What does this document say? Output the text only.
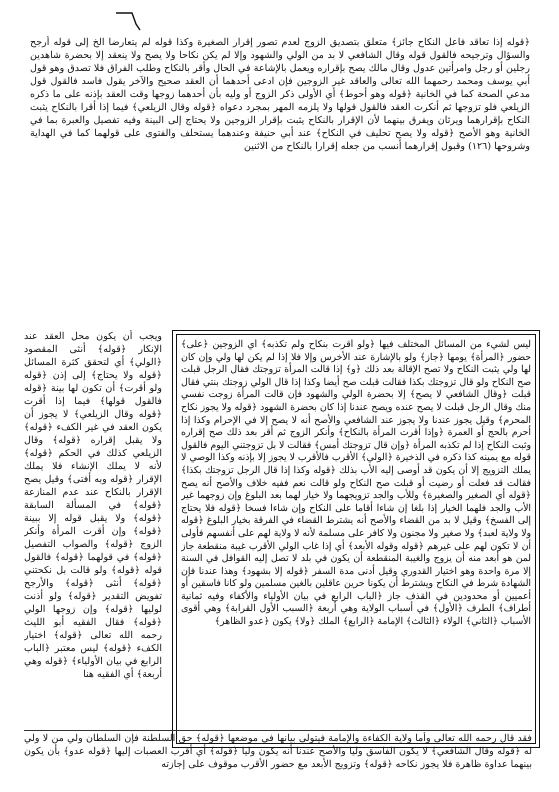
﴿قوله إذا تعاقد فاعل النكاح جائز﴾ متعلق بتصديق الزوج لعدم تصور إقرار الصغيرة وكذا قوله لم يتعارضا الخ إلى قوله أرجح والسؤال وترجيحه فالقول قوله وقال الشافعي لا بد من الولي والشهود وإلا لم يكن نكاحا ولا يصح ولا ينعقد إلا بحضرة شاهدين رجلين أو رجل وامرأتين عدول وقال مالك يصح بإقراره ويعمل بالإشاعة في الحال وأقر بالنكاح وطلب الفراق فلا تصدق وهو قول أبي يوسف ومحمد رحمهما الله تعالى والعاقد غير الزوجين فإن ادعى أحدهما أن العقد صحيح والآخر يقول فاسد فالقول قول مدعي الصحة كما في الخانية ﴿قوله وهو أحوط﴾ أي الأولى ذكر الزوج أو وليه بأن أحدهما زوجها وقت العقد بإذنه على ما ذكره الزيلعي فلو تزوجها ثم أنكرت العقد فالقول قولها ولا يلزمه المهر بمجرد دعواه ﴿قوله وقال الزيلعي﴾ فيما إذا أقرا بالنكاح يثبت النكاح بإقرارهما ويرثان ويفرق بينهما لأن الإقرار بالنكاح يثبت بإقرار الزوجين ولا يحتاج إلى البينة وفيه تفصيل والعبرة بما في الخانية وهو الأصح ﴿قوله ولا يصح تحليف في النكاح﴾ عند أبي حنيفة وعندهما يستحلف والفتوى على قولهما كما في الهداية وشروحها (١٢٦) وقبول إقرارهما أنسب من جعله إقرارا بالنكاح من الاثنين

ليس لشيء من المسائل المختلف فيها ﴿ولو أقرت بنكاح ولم تكذبه﴾ أي الزوجين ﴿على﴾ حضور ﴿المرأة﴾ يومها ﴿جاز﴾ ولو بالإشارة عند الأخرس وإلا فلا إذا لم يكن لها ولي وإن كان لها ولي يثبت النكاح ولا تصح الإقالة بعد ذلك ﴿و﴾ إذا قالت المرأة تزوجتك فقال الرجل قبلت صح النكاح ولو قال تزوجتك بكذا فقالت قبلت صح أيضا وكذا إذا قال الولي زوجتك بنتي فقال قبلت ﴿وقال الشافعي لا يصح﴾ إلا بحضرة الولي والشهود فإن قالت المرأة زوجت نفسي منك وقال الرجل قبلت لا يصح عنده ويصح عندنا إذا كان بحضرة الشهود ﴿قوله ولا يجوز نكاح المحرم﴾ وقيل يجوز عندنا ولا يجوز عند الشافعي والأصح أنه لا يصح إلا في الإحرام وكذا إذا أحرم بالحج أو العمرة ﴿وإذا أقرت المرأة بالنكاح﴾ وأنكر الزوج ثم أقر بعد ذلك صح إقراره وثبت النكاح إذا لم تكذبه المرأة ﴿وإن قال تزوجتك أمس﴾ فقالت لا بل تزوجتني اليوم فالقول قوله مع يمينه كذا ذكره في الذخيرة ﴿الولي﴾ الأقرب فالأقرب لا يجوز إلا بإذنه وكذا الوصي لا يملك التزويج إلا أن يكون قد أوصى إليه الأب بذلك ﴿قوله وكذا إذا قال الرجل تزوجتك بكذا﴾ فقالت قد فعلت أو رضيت أو قبلت صح النكاح ولو قالت نعم ففيه خلاف والأصح أنه يصح ﴿قوله أي الصغير والصغيرة﴾ وللأب والجد تزويجهما ولا خيار لهما بعد البلوغ وإن زوجهما غير الأب والجد فلهما الخيار إذا بلغا إن شاءا أقاما على النكاح وإن شاءا فسخا ﴿قوله فلا يحتاج إلى الفسخ﴾ وقيل لا بد من القضاء والأصح أنه يشترط القضاء في الفرقة بخيار البلوغ ﴿قوله ولا ولاية لعبد﴾ ولا صغير ولا مجنون ولا كافر على مسلمة لأنه لا ولاية لهم على أنفسهم فأولى أن لا تكون لهم على غيرهم ﴿قوله وقوله الأبعد﴾ أي إذا غاب الولي الأقرب غيبة منقطعة جاز لمن هو أبعد منه أن يزوج والغيبة المنقطعة أن يكون في بلد لا تصل إليه القوافل في السنة إلا مرة واحدة وهو اختيار القدوري وقيل أدنى مدة السفر ﴿قوله إلا بشهود﴾ وهذا عندنا فإن الشهادة شرط في النكاح ويشترط أن يكونا حرين عاقلين بالغين مسلمين ولو كانا فاسقين أو أعميين أو محدودين في القذف جاز ﴿الباب الرابع في بيان الأولياء والأكفاء وفيه ثمانية أطراف﴾ الطرف ﴿الأول﴾ في أسباب الولاية وهي أربعة ﴿السبب الأول القرابة﴾ وهي أقوى الأسباب ﴿الثاني﴾ الولاء ﴿الثالث﴾ الإمامة ﴿الرابع﴾ الملك ﴿ولا﴾ يكون ﴿عدو الظاهر﴾

ويجب أن يكون محل العقد عند الإنكار ﴿قوله﴾ أنثى المقصود ﴿الولي﴾ أي لتحقق كثرة المسائل ﴿قوله ولا يحتاج﴾ إلى إذن ﴿قوله ولو أقرت﴾ أن تكون لها بينة ﴿قوله فالقول قولها﴾ فيما إذا أقرت ﴿قوله وقال الزيلعي﴾ لا يجوز أن يكون العقد في غير الكفء ﴿قوله﴾ ولا يقبل إقراره ﴿قوله﴾ وقال الزيلعي كذلك في الحكم ﴿قوله﴾ لأنه لا يملك الإنشاء فلا يملك الإقرار ﴿قوله وبه أفتى﴾ وقيل يصح الإقرار بالنكاح عند عدم المنازعة ﴿قوله﴾ في المسألة السابقة ﴿قوله﴾ ولا يقبل قوله إلا ببينة ﴿قوله﴾ وإن أقرت المرأة وأنكر الزوج ﴿قوله﴾ والصواب التفصيل ﴿قوله﴾ في قولهما ﴿قوله﴾ فالقول قوله ﴿قوله﴾ ولو قالت بل نكحتني ﴿قوله﴾ أنثى ﴿قوله﴾ والأرجح تفويض التقدير ﴿قوله﴾ ولو أذنت لوليها ﴿قوله﴾ وإن زوجها الولي ﴿قوله﴾ فقال الفقيه أبو الليث رحمه الله تعالى ﴿قوله﴾ اختيار الكفء ﴿قوله﴾ ليس معتبر ﴿الباب الرابع في بيان الأولياء﴾ ﴿قوله وهي أربعة﴾ أي الفقيه هنا

فقد قال رحمه الله تعالى وأما ولاية الكفاءة والإمامة فيتولى بيانها في موضعها ﴿قوله﴾ حق السلطنة فإن السلطان ولي من لا ولي له ﴿قوله وقال الشافعي﴾ لا يكون الفاسق وليا والأصح عندنا أنه يكون وليا ﴿قوله﴾ أي أقرب العصبات إليها ﴿قوله عدو﴾ بأن يكون بينهما عداوة ظاهرة فلا يجوز نكاحه ﴿قوله﴾ وتزويج الأبعد مع حضور الأقرب موقوف على إجازته
